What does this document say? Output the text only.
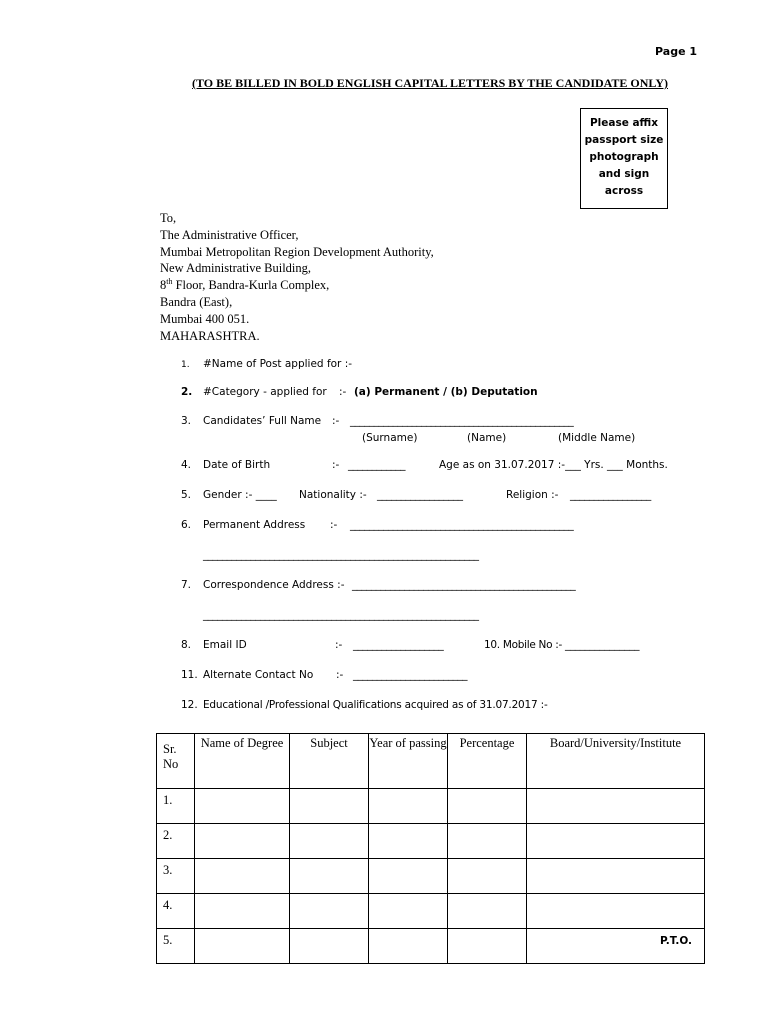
Page 1
(TO BE BILLED IN BOLD ENGLISH CAPITAL LETTERS BY THE CANDIDATE ONLY)
Please affix passport size photograph and sign across
To,
The Administrative Officer,
Mumbai Metropolitan Region Development Authority,
New Administrative Building,
8th Floor, Bandra-Kurla Complex,
Bandra (East),
Mumbai 400 051.
MAHARASHTRA.
1. #Name of Post applied for :-
2. #Category - applied for :- (a) Permanent / (b) Deputation
3. Candidates’ Full Name :- _______________________________________________
(Surname)	(Name)	(Middle Name)
4. Date of Birth	:- ____________	Age as on 31.07.2017 :-___ Yrs. ___ Months.
5. Gender :- ____ Nationality :- __________________	Religion :- _________________
6. Permanent Address :- _______________________________________________
__________________________________________________________
7. Correspondence Address :- _______________________________________________
__________________________________________________________
8. Email ID	:- ___________________	10. Mobile No :- _______________
11. Alternate Contact No :- ________________________
12. Educational /Professional Qualifications acquired as of 31.07.2017 :-
Sr. No	Name of Degree	Subject	Year of passing	Percentage	Board/University/Institute
1.					
2.					
3.					
4.					
5.						P.T.O.
